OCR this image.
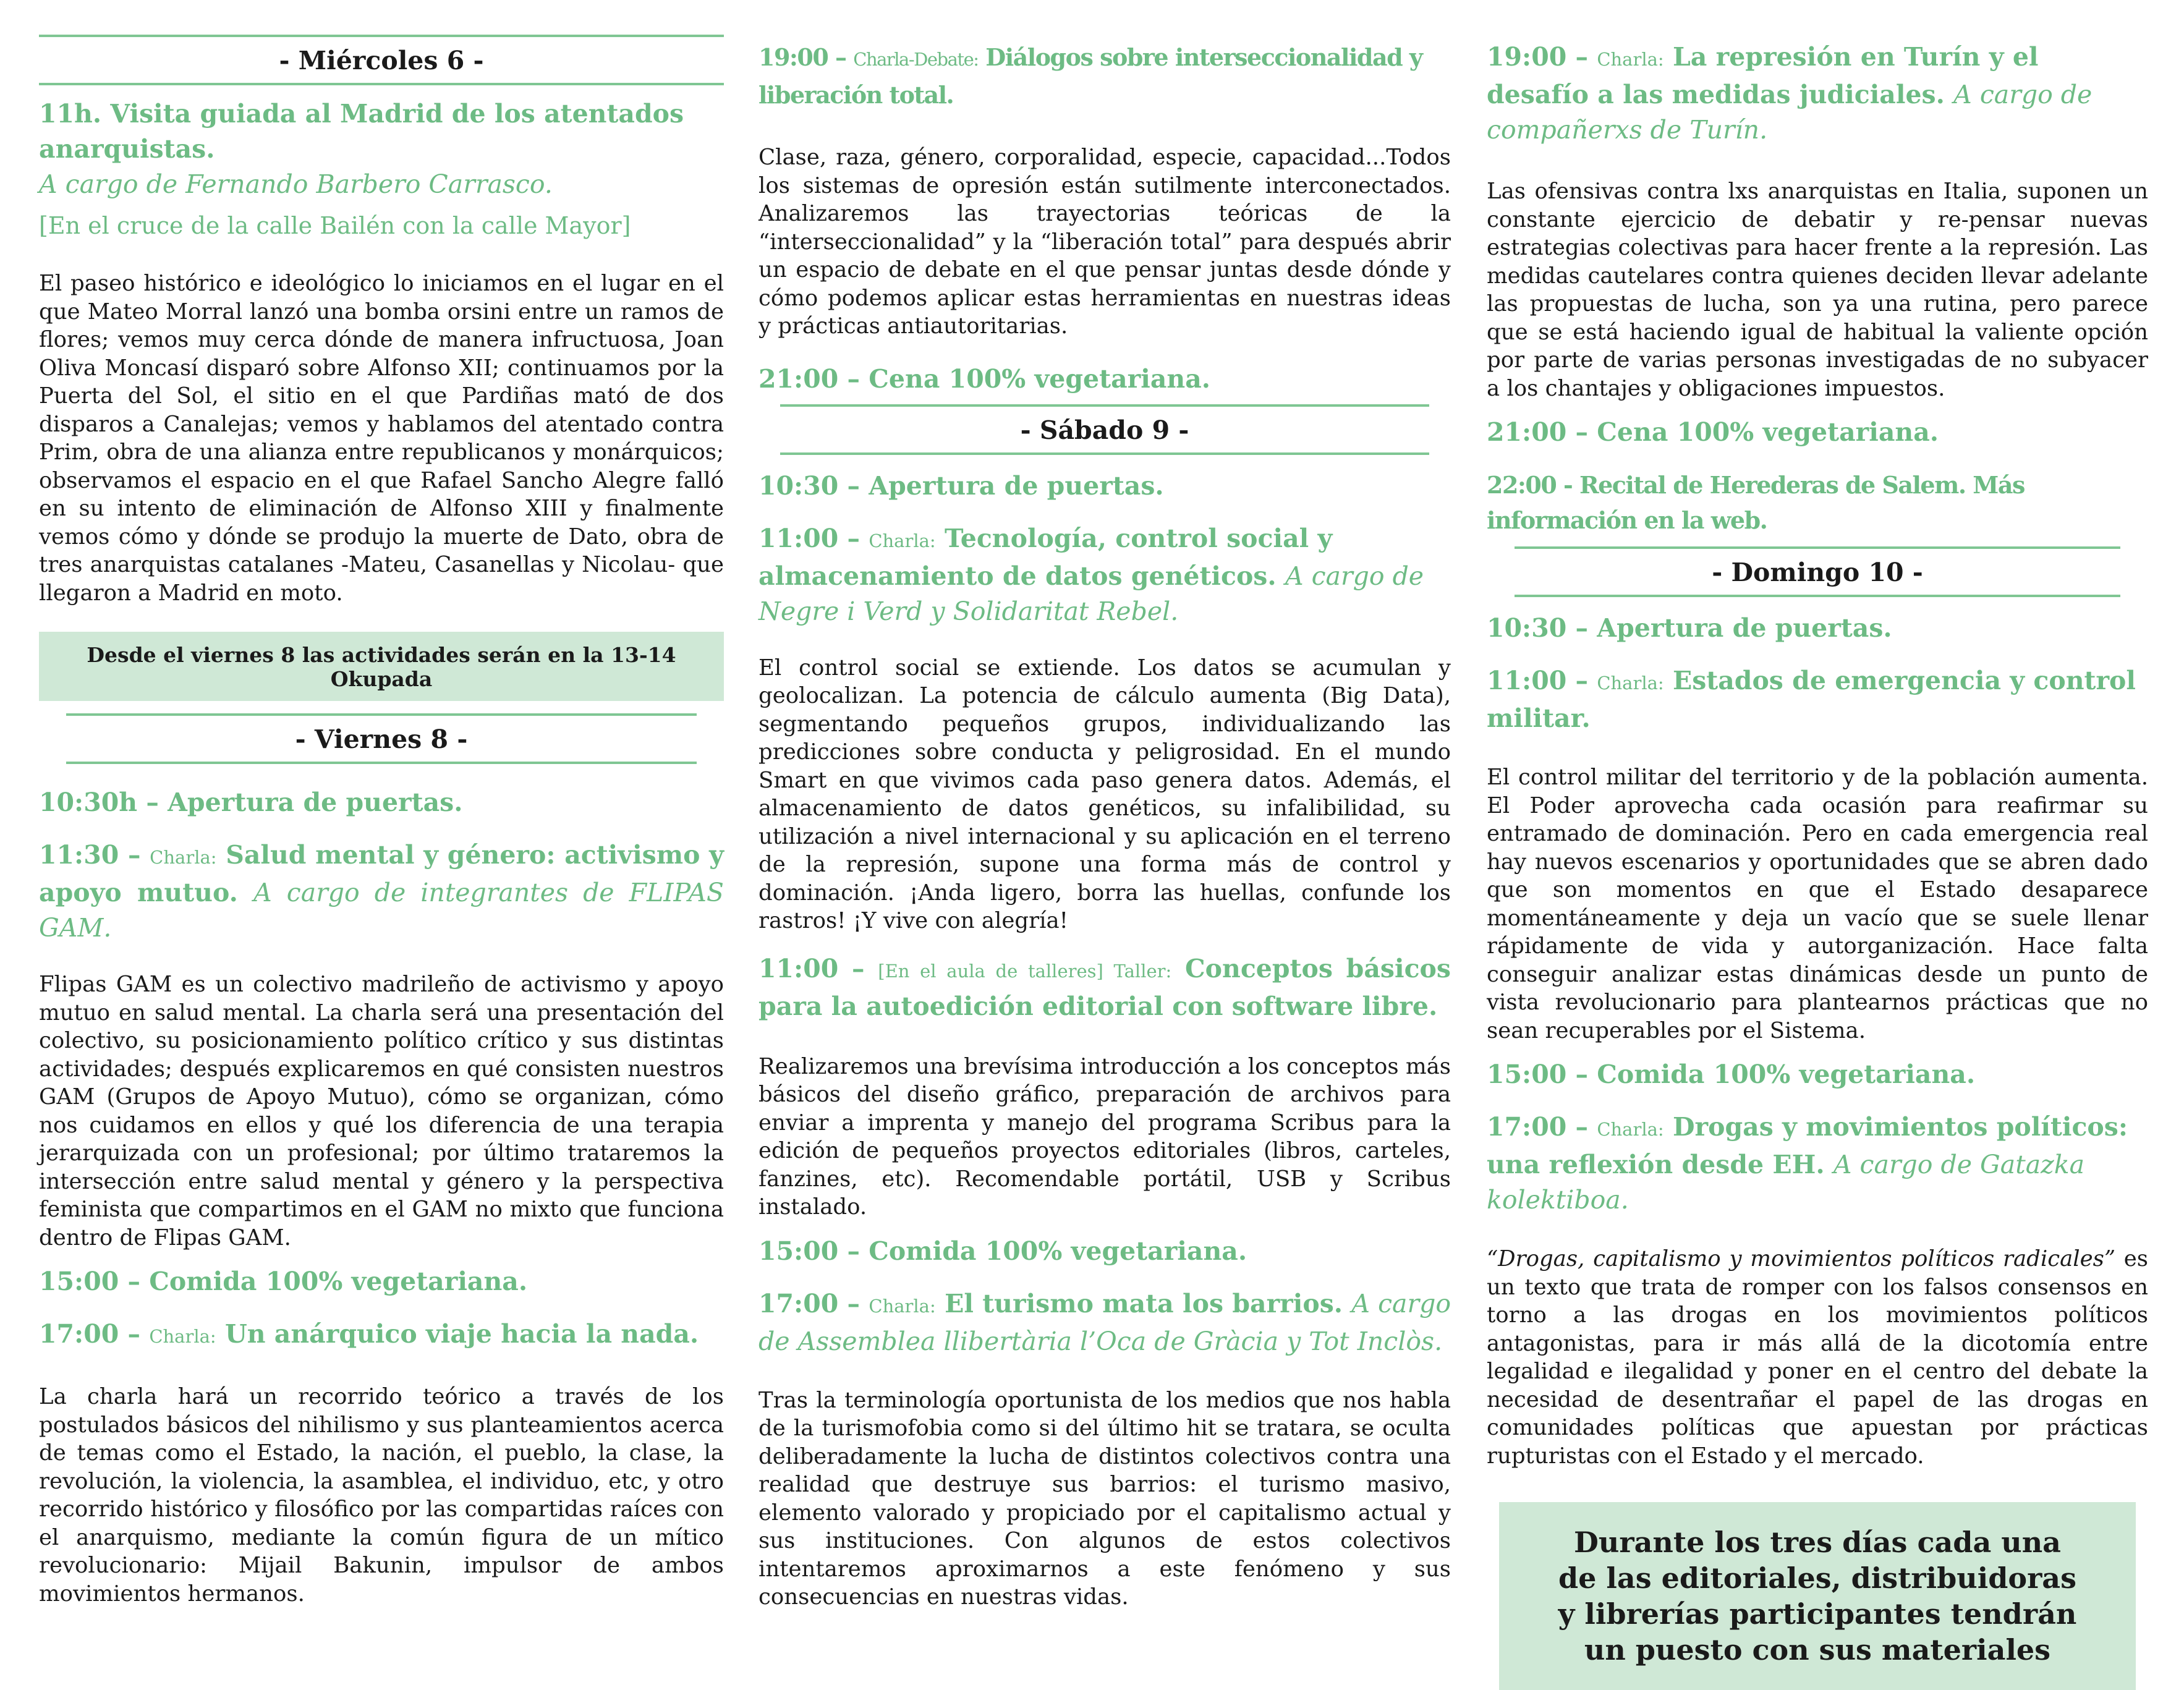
- Miércoles 6 -

11h. Visita guiada al Madrid de los atentados anarquistas.

A cargo de Fernando Barbero Carrasco.

[En el cruce de la calle Bailén con la calle Mayor]

El paseo histórico e ideológico lo iniciamos en el lugar en el que Mateo Morral lanzó una bomba orsini entre un ramos de flores; vemos muy cerca dónde de manera infructuosa, Joan Oliva Moncasí disparó sobre Alfonso XII; continuamos por la Puerta del Sol, el sitio en el que Pardiñas mató de dos disparos a Canalejas; vemos y hablamos del atentado contra Prim, obra de una alianza entre republicanos y monárquicos; observamos el espacio en el que Rafael Sancho Alegre falló en su intento de eliminación de Alfonso XIII y finalmente vemos cómo y dónde se produjo la muerte de Dato, obra de tres anarquistas catalanes -Mateu, Casanellas y Nicolau- que llegaron a Madrid en moto.

Desde el viernes 8 las actividades serán en la 13-14 Okupada
- Viernes 8 -

10:30h – Apertura de puertas.

11:30 – Charla: Salud mental y género: activismo y apoyo mutuo. A cargo de integrantes de FLIPAS GAM.

Flipas GAM es un colectivo madrileño de activismo y apoyo mutuo en salud mental. La charla será una presentación del colectivo, su posicionamiento político crítico y sus distintas actividades; después explicaremos en qué consisten nuestros GAM (Grupos de Apoyo Mutuo), cómo se organizan, cómo nos cuidamos en ellos y qué los diferencia de una terapia jerarquizada con un profesional; por último trataremos la intersección entre salud mental y género y la perspectiva feminista que compartimos en el GAM no mixto que funciona dentro de Flipas GAM.

15:00 – Comida 100% vegetariana.

17:00 – Charla: Un anárquico viaje hacia la nada.

La charla hará un recorrido teórico a través de los postulados básicos del nihilismo y sus planteamientos acerca de temas como el Estado, la nación, el pueblo, la clase, la revolución, la violencia, la asamblea, el individuo, etc, y otro recorrido histórico y filosófico por las compartidas raíces con el anarquismo, mediante la común figura de un mítico revolucionario: Mijail Bakunin, impulsor de ambos movimientos hermanos.

19:00 – Charla-Debate: Diálogos sobre interseccionalidad y liberación total.

Clase, raza, género, corporalidad, especie, capacidad...Todos los sistemas de opresión están sutilmente interconectados. Analizaremos las trayectorias teóricas de la “interseccionalidad” y la “liberación total” para después abrir un espacio de debate en el que pensar juntas desde dónde y cómo podemos aplicar estas herramientas en nuestras ideas y prácticas antiautoritarias.

21:00 – Cena 100% vegetariana.

- Sábado 9 -

10:30 – Apertura de puertas.

11:00 – Charla: Tecnología, control social y almacenamiento de datos genéticos. A cargo de Negre i Verd y Solidaritat Rebel.

El control social se extiende. Los datos se acumulan y geolocalizan. La potencia de cálculo aumenta (Big Data), segmentando pequeños grupos, individualizando las predicciones sobre conducta y peligrosidad. En el mundo Smart en que vivimos cada paso genera datos. Además, el almacenamiento de datos genéticos, su infalibilidad, su utilización a nivel internacional y su aplicación en el terreno de la represión, supone una forma más de control y dominación. ¡Anda ligero, borra las huellas, confunde los rastros! ¡Y vive con alegría!

11:00 – [En el aula de talleres] Taller: Conceptos básicos para la autoedición editorial con software libre.

Realizaremos una brevísima introducción a los conceptos más básicos del diseño gráfico, preparación de archivos para enviar a imprenta y manejo del programa Scribus para la edición de pequeños proyectos editoriales (libros, carteles, fanzines, etc). Recomendable portátil, USB y Scribus instalado.

15:00 – Comida 100% vegetariana.

17:00 – Charla: El turismo mata los barrios. A cargo de Assemblea llibertària l’Oca de Gràcia y Tot Inclòs.

Tras la terminología oportunista de los medios que nos habla de la turismofobia como si del último hit se tratara, se oculta deliberadamente la lucha de distintos colectivos contra una realidad que destruye sus barrios: el turismo masivo, elemento valorado y propiciado por el capitalismo actual y sus instituciones. Con algunos de estos colectivos intentaremos aproximarnos a este fenómeno y sus consecuencias en nuestras vidas.

19:00 – Charla: La represión en Turín y el desafío a las medidas judiciales. A cargo de compañerxs de Turín.

Las ofensivas contra lxs anarquistas en Italia, suponen un constante ejercicio de debatir y re-pensar nuevas estrategias colectivas para hacer frente a la represión. Las medidas cautelares contra quienes deciden llevar adelante las propuestas de lucha, son ya una rutina, pero parece que se está haciendo igual de habitual la valiente opción por parte de varias personas investigadas de no subyacer a los chantajes y obligaciones impuestos.

21:00 – Cena 100% vegetariana.

22:00 - Recital de Herederas de Salem. Más información en la web.

- Domingo 10 -

10:30 – Apertura de puertas.

11:00 – Charla: Estados de emergencia y control militar.

El control militar del territorio y de la población aumenta. El Poder aprovecha cada ocasión para reafirmar su entramado de dominación. Pero en cada emergencia real hay nuevos escenarios y oportunidades que se abren dado que son momentos en que el Estado desaparece momentáneamente y deja un vacío que se suele llenar rápidamente de vida y autorganización. Hace falta conseguir analizar estas dinámicas desde un punto de vista revolucionario para plantearnos prácticas que no sean recuperables por el Sistema.

15:00 – Comida 100% vegetariana.

17:00 – Charla: Drogas y movimientos políticos: una reflexión desde EH. A cargo de Gatazka kolektiboa.

“Drogas, capitalismo y movimientos políticos radicales” es un texto que trata de romper con los falsos consensos en torno a las drogas en los movimientos políticos antagonistas, para ir más allá de la dicotomía entre legalidad e ilegalidad y poner en el centro del debate la necesidad de desentrañar el papel de las drogas en comunidades políticas que apuestan por prácticas rupturistas con el Estado y el mercado.

Durante los tres días cada una
de las editoriales, distribuidoras
y librerías participantes tendrán
un puesto con sus materiales
